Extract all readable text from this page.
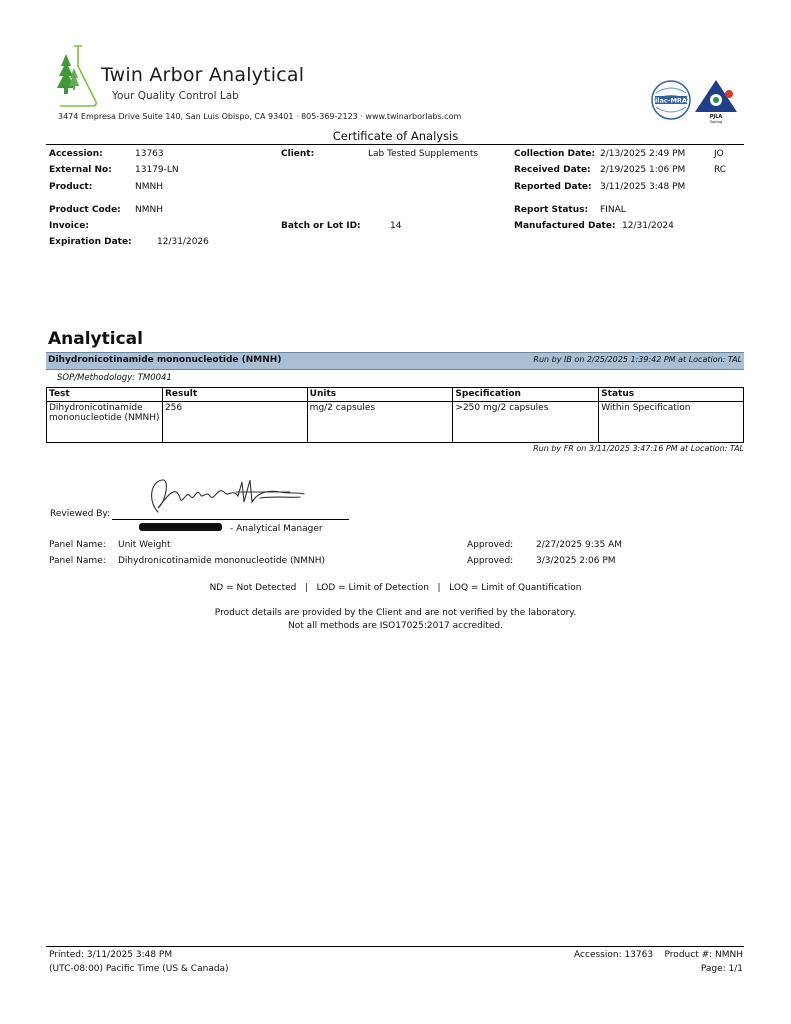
Twin Arbor Analytical
Your Quality Control Lab
3474 Empresa Drive Suite 140, San Luis Obispo, CA 93401 · 805-369-2123 · www.twinarborlabs.com
ilac-MRA
PJLA
Testing
Certificate of Analysis
Accession:	13763
External No:	13179-LN
Product:	NMNH
Product Code: NMNH
Invoice:
Expiration Date:	12/31/2026
Client:	Lab Tested Supplements
Batch or Lot ID:	14
Collection Date: 2/13/2025 2:49 PM	JO
Received Date: 2/19/2025 1:06 PM	RC
Reported Date: 3/11/2025 3:48 PM
Report Status: FINAL
Manufactured Date: 12/31/2024
Analytical
Dihydronicotinamide mononucleotide (NMNH)	Run by IB on 2/25/2025 1:39:42 PM at Location: TAL
SOP/Methodology: TM0041
Test	Result	Units	Specification	Status
Dihydronicotinamide mononucleotide (NMNH)	256	mg/2 capsules	>250 mg/2 capsules	Within Specification
Run by FR on 3/11/2025 3:47:16 PM at Location: TAL
Reviewed By:
- Analytical Manager
Panel Name: Unit Weight	Approved:	2/27/2025 9:35 AM
Panel Name: Dihydronicotinamide mononucleotide (NMNH)	Approved:	3/3/2025 2:06 PM
ND = Not Detected   |   LOD = Limit of Detection   |   LOQ = Limit of Quantification
Product details are provided by the Client and are not verified by the laboratory.
Not all methods are ISO17025:2017 accredited.
Printed: 3/11/2025 3:48 PM
(UTC-08:00) Pacific Time (US & Canada)
Accession: 13763    Product #: NMNH
Page: 1/1
